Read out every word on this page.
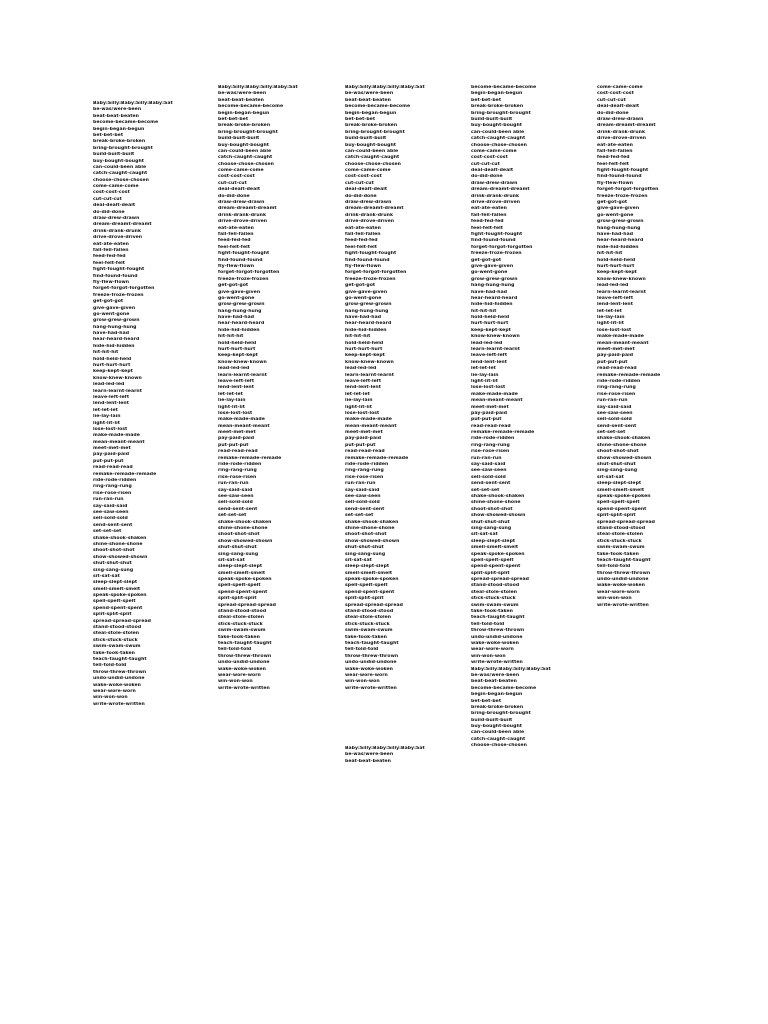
Baby:Silly:Baby:Silly:Baby:Sat
be-was/were-been
beat-beat-beaten
become-became-become
begin-began-begun
bet-bet-bet
break-broke-broken
bring-brought-brought
build-built-built
buy-bought-bought
can-could-been able
catch-caught-caught
choose-chose-chosen
come-came-come
cost-cost-cost
cut-cut-cut
deal-dealt-dealt
do-did-done
draw-drew-drawn
dream-dreamt-dreamt
drink-drank-drunk
drive-drove-driven
eat-ate-eaten
fall-fell-fallen
feed-fed-fed
feel-felt-felt
fight-fought-fought
find-found-found
fly-flew-flown
forget-forgot-forgotten
freeze-froze-frozen
get-got-got
give-gave-given
go-went-gone
grow-grew-grown
hang-hung-hung
have-had-had
hear-heard-heard
hide-hid-hidden
hit-hit-hit
hold-held-held
hurt-hurt-hurt
keep-kept-kept
know-knew-known
lead-led-led
learn-learnt-learnt
leave-left-left
lend-lent-lent
let-let-let
lie-lay-lain
light-lit-lit
lose-lost-lost
make-made-made
mean-meant-meant
meet-met-met
pay-paid-paid
put-put-put
read-read-read
remake-remade-remade
ride-rode-ridden
ring-rang-rung
rise-rose-risen
run-ran-run
say-said-said
see-saw-seen
sell-sold-sold
send-sent-sent
set-set-set
shake-shook-shaken
shine-shone-shone
shoot-shot-shot
show-showed-shown
shut-shut-shut
sing-sang-sung
sit-sat-sat
sleep-slept-slept
smell-smelt-smelt
speak-spoke-spoken
spell-spelt-spelt
spend-spent-spent
split-split-split
spread-spread-spread
stand-stood-stood
steal-stole-stolen
stick-stuck-stuck
swim-swam-swum
take-took-taken
teach-taught-taught
tell-told-told
throw-threw-thrown
undo-undid-undone
wake-woke-woken
wear-wore-worn
win-won-won
write-wrote-written
Baby:Silly:Baby:Silly:Baby:Sat
be-was/were-been
beat-beat-beaten
become-became-become
begin-began-begun
bet-bet-bet
break-broke-broken
bring-brought-brought
build-built-built
buy-bought-bought
can-could-been able
catch-caught-caught
choose-chose-chosen
come-came-come
cost-cost-cost
cut-cut-cut
deal-dealt-dealt
do-did-done
draw-drew-drawn
dream-dreamt-dreamt
drink-drank-drunk
drive-drove-driven
eat-ate-eaten
fall-fell-fallen
feed-fed-fed
feel-felt-felt
fight-fought-fought
find-found-found
fly-flew-flown
forget-forgot-forgotten
freeze-froze-frozen
get-got-got
give-gave-given
go-went-gone
grow-grew-grown
hang-hung-hung
have-had-had
hear-heard-heard
hide-hid-hidden
hit-hit-hit
hold-held-held
hurt-hurt-hurt
keep-kept-kept
know-knew-known
lead-led-led
learn-learnt-learnt
leave-left-left
lend-lent-lent
let-let-let
lie-lay-lain
light-lit-lit
lose-lost-lost
make-made-made
mean-meant-meant
meet-met-met
pay-paid-paid
put-put-put
read-read-read
remake-remade-remade
ride-rode-ridden
ring-rang-rung
rise-rose-risen
run-ran-run
say-said-said
see-saw-seen
sell-sold-sold
send-sent-sent
set-set-set
shake-shook-shaken
shine-shone-shone
shoot-shot-shot
show-showed-shown
shut-shut-shut
sing-sang-sung
sit-sat-sat
sleep-slept-slept
smell-smelt-smelt
speak-spoke-spoken
spell-spelt-spelt
spend-spent-spent
split-split-split
spread-spread-spread
stand-stood-stood
steal-stole-stolen
stick-stuck-stuck
swim-swam-swum
take-took-taken
teach-taught-taught
tell-told-told
throw-threw-thrown
undo-undid-undone
wake-woke-woken
wear-wore-worn
win-won-won
write-wrote-written
Baby:Silly:Baby:Silly:Baby:Sat
be-was/were-been
beat-beat-beaten
become-became-become
begin-began-begun
bet-bet-bet
break-broke-broken
bring-brought-brought
build-built-built
buy-bought-bought
can-could-been able
catch-caught-caught
choose-chose-chosen
come-came-come
cost-cost-cost
cut-cut-cut
deal-dealt-dealt
do-did-done
draw-drew-drawn
dream-dreamt-dreamt
drink-drank-drunk
drive-drove-driven
eat-ate-eaten
fall-fell-fallen
feed-fed-fed
feel-felt-felt
fight-fought-fought
find-found-found
fly-flew-flown
forget-forgot-forgotten
freeze-froze-frozen
get-got-got
give-gave-given
go-went-gone
grow-grew-grown
hang-hung-hung
have-had-had
hear-heard-heard
hide-hid-hidden
hit-hit-hit
hold-held-held
hurt-hurt-hurt
keep-kept-kept
know-knew-known
lead-led-led
learn-learnt-learnt
leave-left-left
lend-lent-lent
let-let-let
lie-lay-lain
light-lit-lit
lose-lost-lost
make-made-made
mean-meant-meant
meet-met-met
pay-paid-paid
put-put-put
read-read-read
remake-remade-remade
ride-rode-ridden
ring-rang-rung
rise-rose-risen
run-ran-run
say-said-said
see-saw-seen
sell-sold-sold
send-sent-sent
set-set-set
shake-shook-shaken
shine-shone-shone
shoot-shot-shot
show-showed-shown
shut-shut-shut
sing-sang-sung
sit-sat-sat
sleep-slept-slept
smell-smelt-smelt
speak-spoke-spoken
spell-spelt-spelt
spend-spent-spent
split-split-split
spread-spread-spread
stand-stood-stood
steal-stole-stolen
stick-stuck-stuck
swim-swam-swum
take-took-taken
teach-taught-taught
tell-told-told
throw-threw-thrown
undo-undid-undone
wake-woke-woken
wear-wore-worn
win-won-won
write-wrote-written
Baby:Silly:Baby:Silly:Baby:Sat
be-was/were-been
beat-beat-beaten
become-became-become
begin-began-begun
bet-bet-bet
break-broke-broken
bring-brought-brought
build-built-built
buy-bought-bought
can-could-been able
catch-caught-caught
choose-chose-chosen
come-came-come
cost-cost-cost
cut-cut-cut
deal-dealt-dealt
do-did-done
draw-drew-drawn
dream-dreamt-dreamt
drink-drank-drunk
drive-drove-driven
eat-ate-eaten
fall-fell-fallen
feed-fed-fed
feel-felt-felt
fight-fought-fought
find-found-found
forget-forgot-forgotten
freeze-froze-frozen
get-got-got
give-gave-given
go-went-gone
grow-grew-grown
hang-hung-hung
have-had-had
hear-heard-heard
hide-hid-hidden
hit-hit-hit
hold-held-held
hurt-hurt-hurt
keep-kept-kept
know-knew-known
lead-led-led
learn-learnt-learnt
leave-left-left
lend-lent-lent
let-let-let
lie-lay-lain
light-lit-lit
lose-lost-lost
make-made-made
mean-meant-meant
meet-met-met
pay-paid-paid
put-put-put
read-read-read
remake-remade-remade
ride-rode-ridden
ring-rang-rung
rise-rose-risen
run-ran-run
say-said-said
see-saw-seen
sell-sold-sold
send-sent-sent
set-set-set
shake-shook-shaken
shine-shone-shone
shoot-shot-shot
show-showed-shown
shut-shut-shut
sing-sang-sung
sit-sat-sat
sleep-slept-slept
smell-smelt-smelt
speak-spoke-spoken
spell-spelt-spelt
spend-spent-spent
split-split-split
spread-spread-spread
stand-stood-stood
steal-stole-stolen
stick-stuck-stuck
swim-swam-swum
take-took-taken
teach-taught-taught
tell-told-told
throw-threw-thrown
undo-undid-undone
wake-woke-woken
wear-wore-worn
win-won-won
write-wrote-written
Baby:Silly:Baby:Silly:Baby:Sat
be-was/were-been
beat-beat-beaten
become-became-become
begin-began-begun
bet-bet-bet
break-broke-broken
bring-brought-brought
build-built-built
buy-bought-bought
can-could-been able
catch-caught-caught
choose-chose-chosen
come-came-come
cost-cost-cost
cut-cut-cut
deal-dealt-dealt
do-did-done
draw-drew-drawn
dream-dreamt-dreamt
drink-drank-drunk
drive-drove-driven
eat-ate-eaten
fall-fell-fallen
feed-fed-fed
feel-felt-felt
fight-fought-fought
find-found-found
fly-flew-flown
forget-forgot-forgotten
freeze-froze-frozen
get-got-got
give-gave-given
go-went-gone
grow-grew-grown
hang-hung-hung
have-had-had
hear-heard-heard
hide-hid-hidden
hit-hit-hit
hold-held-held
hurt-hurt-hurt
keep-kept-kept
know-knew-known
lead-led-led
learn-learnt-learnt
leave-left-left
lend-lent-lent
let-let-let
lie-lay-lain
light-lit-lit
lose-lost-lost
make-made-made
mean-meant-meant
meet-met-met
pay-paid-paid
put-put-put
read-read-read
remake-remade-remade
ride-rode-ridden
ring-rang-rung
rise-rose-risen
run-ran-run
say-said-said
see-saw-seen
sell-sold-sold
send-sent-sent
set-set-set
shake-shook-shaken
shine-shone-shone
shoot-shot-shot
show-showed-shown
shut-shut-shut
sing-sang-sung
sit-sat-sat
sleep-slept-slept
smell-smelt-smelt
speak-spoke-spoken
spell-spelt-spelt
spend-spent-spent
split-split-split
spread-spread-spread
stand-stood-stood
steal-stole-stolen
stick-stuck-stuck
swim-swam-swum
take-took-taken
teach-taught-taught
tell-told-told
throw-threw-thrown
undo-undid-undone
wake-woke-woken
wear-wore-worn
win-won-won
write-wrote-written
